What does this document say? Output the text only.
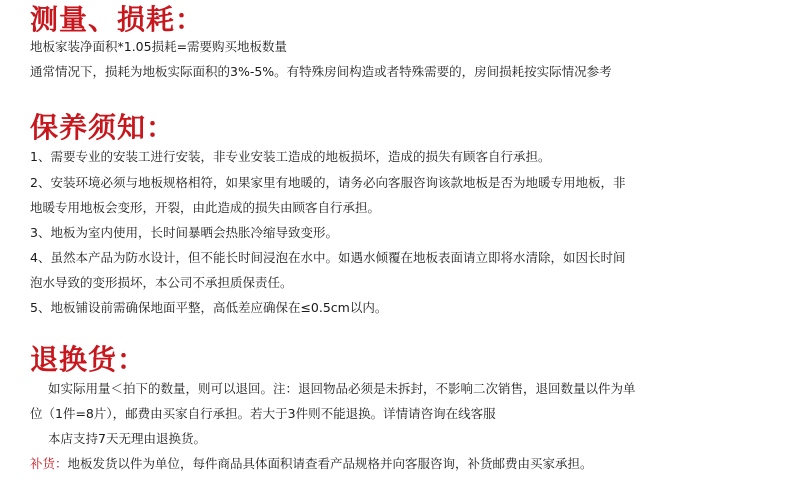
测量、损耗：

地板家装净面积*1.05损耗=需要购买地板数量

通常情况下，损耗为地板实际面积的3%-5%。有特殊房间构造或者特殊需要的，房间损耗按实际情况参考

保养须知：

1、需要专业的安装工进行安装，非专业安装工造成的地板损坏，造成的损失有顾客自行承担。

2、安装环境必须与地板规格相符，如果家里有地暖的，请务必向客服咨询该款地板是否为地暖专用地板，非

地暖专用地板会变形，开裂，由此造成的损失由顾客自行承担。

3、地板为室内使用，长时间暴晒会热胀冷缩导致变形。

4、虽然本产品为防水设计，但不能长时间浸泡在水中。如遇水倾覆在地板表面请立即将水清除，如因长时间

泡水导致的变形损坏，本公司不承担质保责任。

5、地板铺设前需确保地面平整，高低差应确保在≤0.5cm以内。

退换货：

如实际用量＜拍下的数量，则可以退回。注：退回物品必须是未拆封，不影响二次销售，退回数量以件为单

位（1件=8片），邮费由买家自行承担。若大于3件则不能退换。详情请咨询在线客服

本店支持7天无理由退换货。

补货：地板发货以件为单位，每件商品具体面积请查看产品规格并向客服咨询，补货邮费由买家承担。
